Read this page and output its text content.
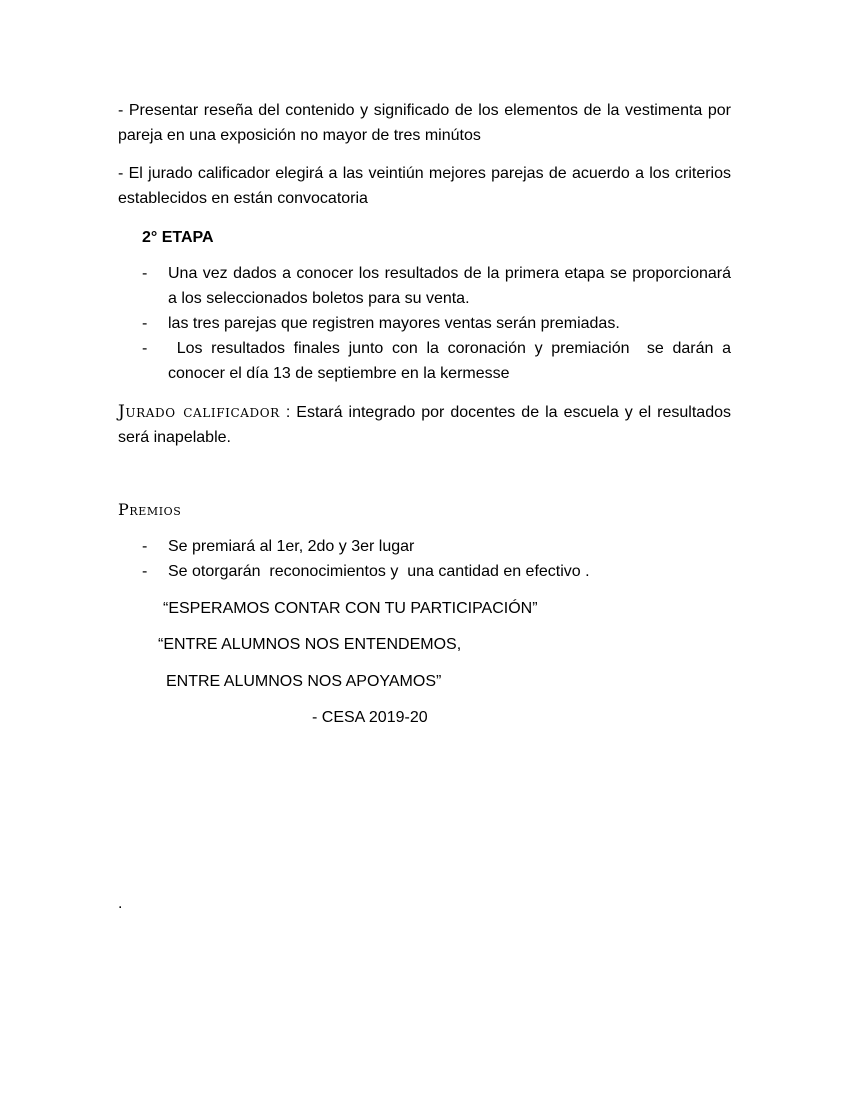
- Presentar reseña del contenido y significado de los elementos de la vestimenta por pareja en una exposición no mayor de tres minútos
- El jurado calificador elegirá a las veintiún mejores parejas de acuerdo a los criterios establecidos en están convocatoria
2° ETAPA
- Una vez dados a conocer los resultados de la primera etapa se proporcionará a los seleccionados boletos para su venta.
- las tres parejas que registren mayores ventas serán premiadas.
- Los resultados finales junto con la coronación y premiación  se darán a conocer el día 13 de septiembre en la kermesse
Jurado calificador : Estará integrado por docentes de la escuela y el resultados será inapelable.
Premios
- Se premiará al 1er, 2do y 3er lugar
- Se otorgarán  reconocimientos y  una cantidad en efectivo .
“ESPERAMOS CONTAR CON TU PARTICIPACIÓN”
“ENTRE ALUMNOS NOS ENTENDEMOS,
ENTRE ALUMNOS NOS APOYAMOS”
- CESA 2019-20
.
